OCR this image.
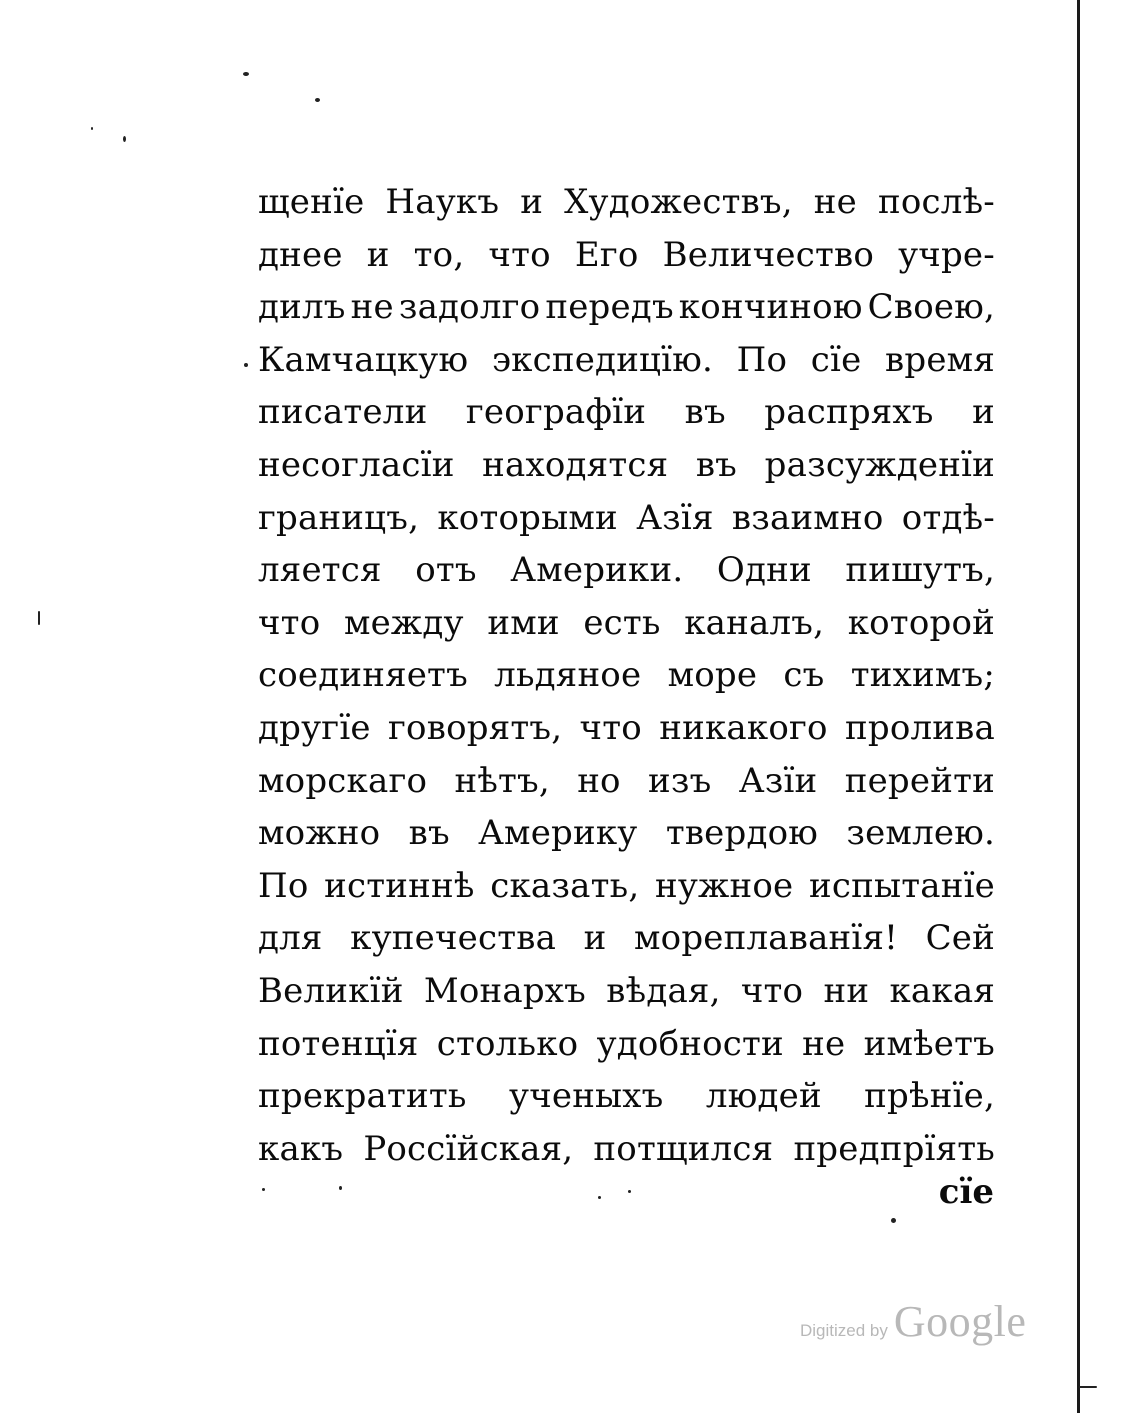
щенїе Наукъ и Художествъ, не послѣ-
днее и то, что Его Величество учре-
дилъ не задолго передъ кончиною Своею,
Камчацкую экспедицїю. По сїе время
писатели географїи въ распряхъ и
несогласїи находятся въ разсужденїи
границъ, которыми Азїя взаимно отдѣ-
ляется отъ Америки. Одни пишутъ,
что между ими есть каналъ, которой
соединяетъ льдяное море съ тихимъ;
другїе говорятъ, что никакого пролива
морскаго нѣтъ, но изъ Азїи перейти
можно въ Америку твердою землею.
По истиннѣ сказать, нужное испытанїе
для купечества и мореплаванїя! Сей
Великїй Монархъ вѣдая, что ни какая
потенцїя столько удобности не имѣетъ
прекратить ученыхъ людей прѣнїе,
какъ Россїйская, потщился предпрїять
сїе
Digitized by Google
